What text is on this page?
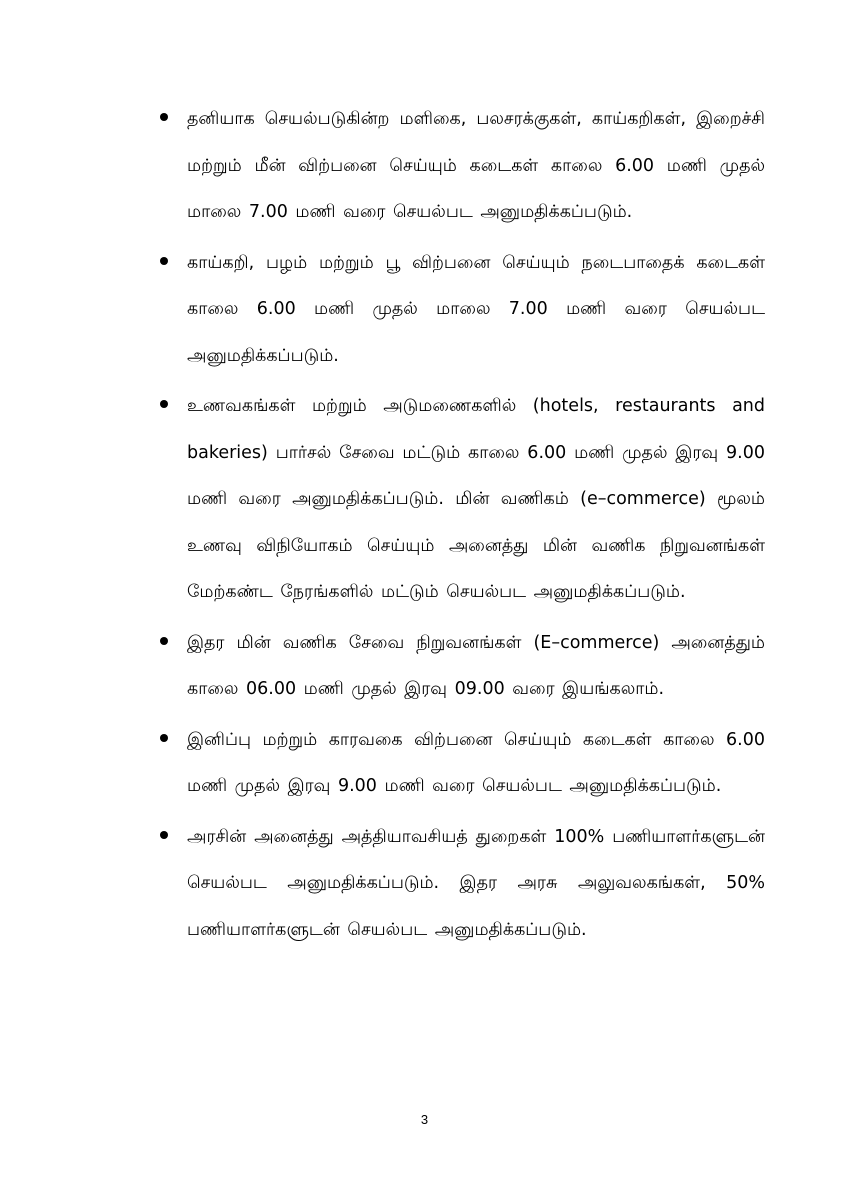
தனியாக செயல்படுகின்ற மளிகை, பலசரக்குகள், காய்கறிகள், இறைச்சி மற்றும் மீன் விற்பனை செய்யும் கடைகள் காலை 6.00 மணி முதல் மாலை 7.00 மணி வரை செயல்பட அனுமதிக்கப்படும்.
காய்கறி, பழம் மற்றும் பூ விற்பனை செய்யும் நடைபாதைக் கடைகள் காலை 6.00 மணி முதல் மாலை 7.00 மணி வரை செயல்பட அனுமதிக்கப்படும்.
உணவகங்கள் மற்றும் அடுமணைகளில் (hotels, restaurants and bakeries) பார்சல் சேவை மட்டும் காலை 6.00 மணி முதல் இரவு 9.00 மணி வரை அனுமதிக்கப்படும். மின் வணிகம் (e–commerce) மூலம் உணவு விநியோகம் செய்யும் அனைத்து மின் வணிக நிறுவனங்கள் மேற்கண்ட நேரங்களில் மட்டும் செயல்பட அனுமதிக்கப்படும்.
இதர மின் வணிக சேவை நிறுவனங்கள் (E–commerce) அனைத்தும் காலை 06.00 மணி முதல் இரவு 09.00 வரை இயங்கலாம்.
இனிப்பு மற்றும் காரவகை விற்பனை செய்யும் கடைகள் காலை 6.00 மணி முதல் இரவு 9.00 மணி வரை செயல்பட அனுமதிக்கப்படும்.
அரசின் அனைத்து அத்தியாவசியத் துறைகள் 100% பணியாளர்களுடன் செயல்பட அனுமதிக்கப்படும். இதர அரசு அலுவலகங்கள், 50% பணியாளர்களுடன் செயல்பட அனுமதிக்கப்படும்.
3
